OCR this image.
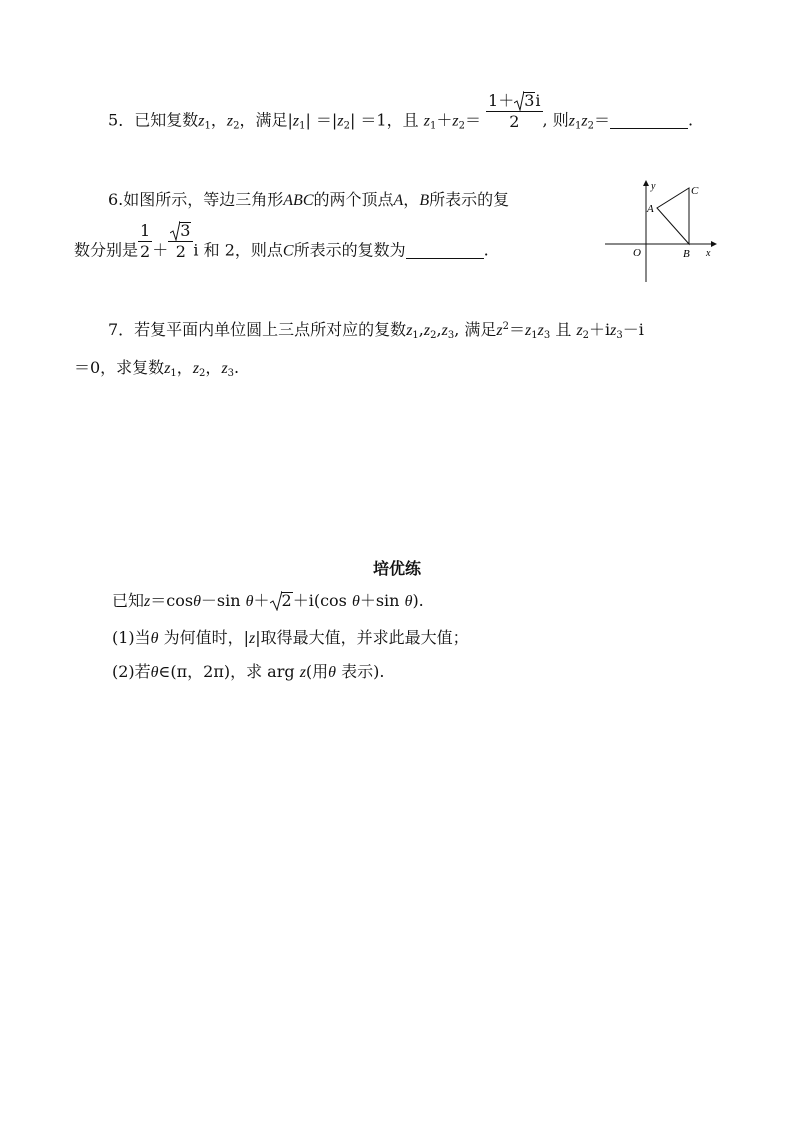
5．已知复数$z_1$，$z_2$，满足$|z_1| =|z_2| =1$，且 $z_1+z_2= \frac{1+ 3i}{2}$ , 则$z_1z_2=$	.
6.如图所示，等边三角形ABC的两个顶点A，B所表示的复
数分别是 $\frac{1}{2} + \frac{3}{2}$ i 和 2，则点C所表示的复数为	.
y
x
O
A
B
C
7．若复平面内单位圆上三点所对应的复数$z_1,z_2,z_3$, 满足$z^2=z_1z_3$ 且 $z_2+iz_3-i$
＝0，求复数$z_1$，$z_2$，$z_3$.
培优练
已知z＝cosθ－sin θ＋ 2＋i(cos θ＋sin θ).
(1)当θ 为何值时，|z|取得最大值，并求此最大值；
(2)若θ∈(π，2π)，求 arg z(用θ 表示).
